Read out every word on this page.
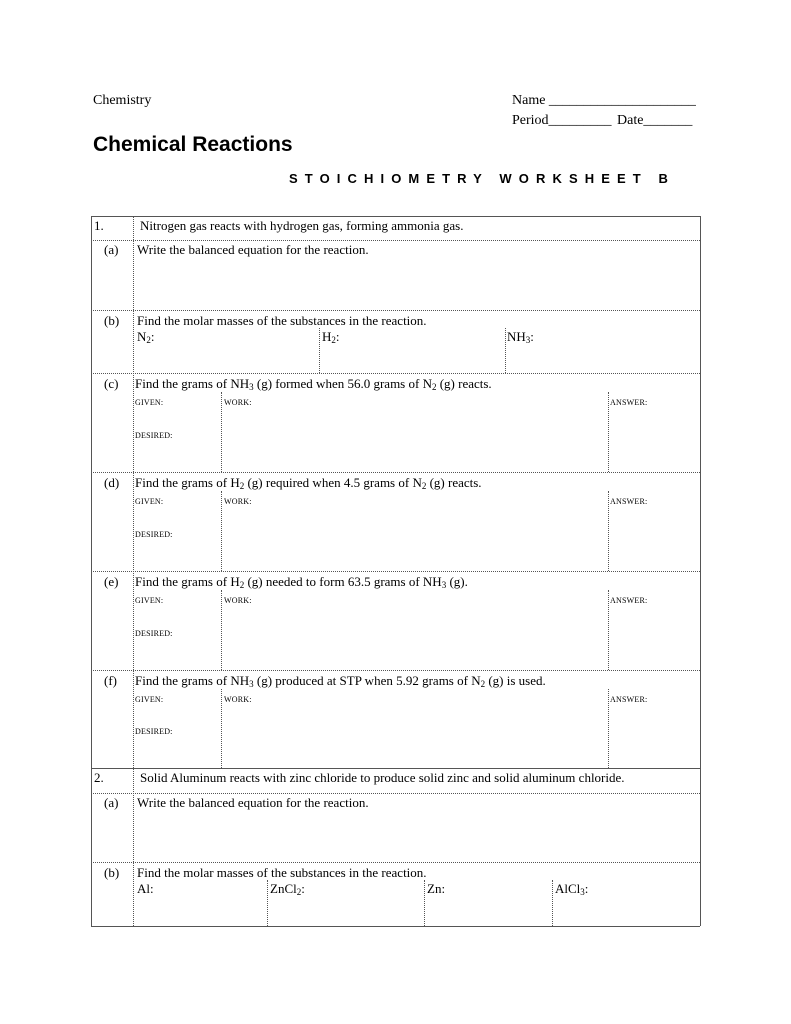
Chemistry	Name _____________________
Period_________ Date_______
Chemical Reactions
STOICHIOMETRY WORKSHEET B
1.	Nitrogen gas reacts with hydrogen gas, forming ammonia gas.
(a) Write the balanced equation for the reaction.
(b) Find the molar masses of the substances in the reaction.
$N_2$:	$H_2$:	$NH_3$:
(c) Find the grams of $NH_3$ (g) formed when 56.0 grams of $N_2$ (g) reacts.
GIVEN:	WORK:	ANSWER:
DESIRED:
(d) Find the grams of $H_2$ (g) required when 4.5 grams of $N_2$ (g) reacts.
GIVEN:	WORK:	ANSWER:
DESIRED:
(e) Find the grams of $H_2$ (g) needed to form 63.5 grams of $NH_3$ (g).
GIVEN:	WORK:	ANSWER:
DESIRED:
(f) Find the grams of $NH_3$ (g) produced at STP when 5.92 grams of $N_2$ (g) is used.
GIVEN:	WORK:	ANSWER:
DESIRED:
2.	Solid Aluminum reacts with zinc chloride to produce solid zinc and solid aluminum chloride.
(a) Write the balanced equation for the reaction.
(b) Find the molar masses of the substances in the reaction.
Al:	ZnCl$_2$:	Zn:	AlCl$_3$:
